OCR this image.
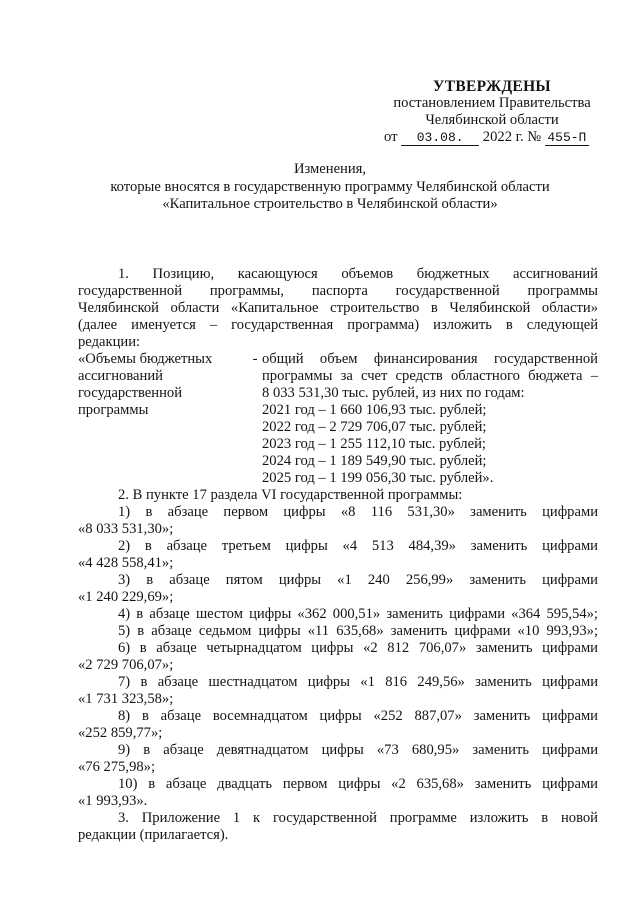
УТВЕРЖДЕНЫ
постановлением Правительства
Челябинской области
от 03.08. 2022 г. № 455-П
Изменения,
которые вносятся в государственную программу Челябинской области
«Капитальное строительство в Челябинской области»
1. Позицию, касающуюся объемов бюджетных ассигнований
государственной программы, паспорта государственной программы
Челябинской области «Капитальное строительство в Челябинской области»
(далее именуется – государственная программа) изложить в следующей
редакции:
«Объемы бюджетных
ассигнований
государственной
программы
- общий объем финансирования государственной
программы за счет средств областного бюджета –
8 033 531,30 тыс. рублей, из них по годам:
2021 год – 1 660 106,93 тыс. рублей;
2022 год – 2 729 706,07 тыс. рублей;
2023 год – 1 255 112,10 тыс. рублей;
2024 год – 1 189 549,90 тыс. рублей;
2025 год – 1 199 056,30 тыс. рублей».
2. В пункте 17 раздела VI государственной программы:
1) в абзаце первом цифры «8 116 531,30» заменить цифрами
«8 033 531,30»;
2) в абзаце третьем цифры «4 513 484,39» заменить цифрами
«4 428 558,41»;
3) в абзаце пятом цифры «1 240 256,99» заменить цифрами
«1 240 229,69»;
4) в абзаце шестом цифры «362 000,51» заменить цифрами «364 595,54»;
5) в абзаце седьмом цифры «11 635,68» заменить цифрами «10 993,93»;
6) в абзаце четырнадцатом цифры «2 812 706,07» заменить цифрами
«2 729 706,07»;
7) в абзаце шестнадцатом цифры «1 816 249,56» заменить цифрами
«1 731 323,58»;
8) в абзаце восемнадцатом цифры «252 887,07» заменить цифрами
«252 859,77»;
9) в абзаце девятнадцатом цифры «73 680,95» заменить цифрами
«76 275,98»;
10) в абзаце двадцать первом цифры «2 635,68» заменить цифрами
«1 993,93».
3. Приложение 1 к государственной программе изложить в новой
редакции (прилагается).
